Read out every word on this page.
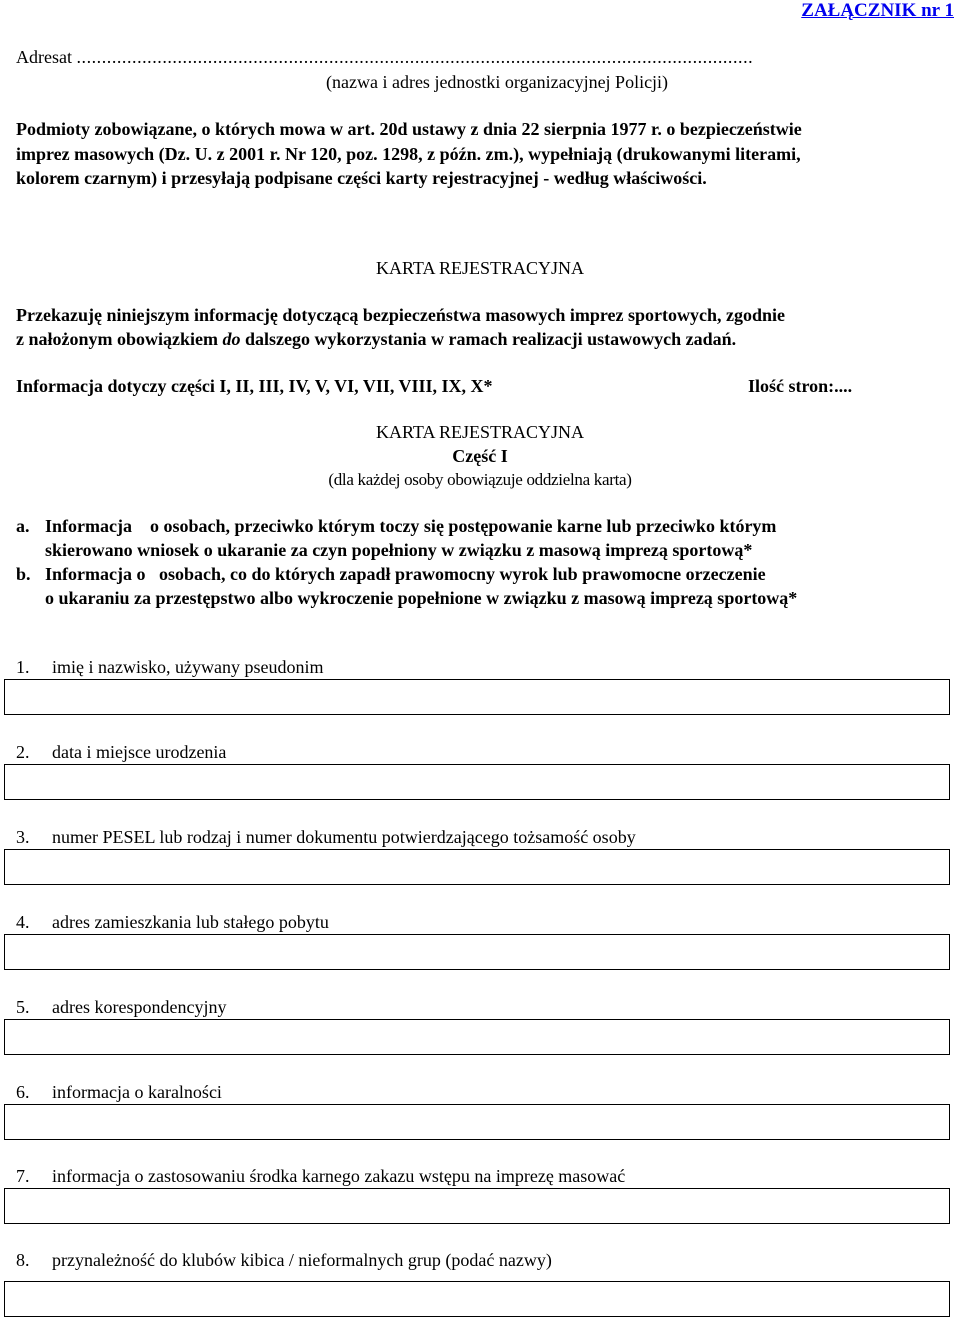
ZAŁĄCZNIK nr 1
Adresat ......................................................................................................................................
(nazwa i adres jednostki organizacyjnej Policji)
Podmioty zobowiązane, o których mowa w art. 20d ustawy z dnia 22 sierpnia 1977 r. o bezpieczeństwie
imprez masowych (Dz. U. z 2001 r. Nr 120, poz. 1298, z późn. zm.), wypełniają (drukowanymi literami,
kolorem czarnym) i przesyłają podpisane części karty rejestracyjnej - według właściwości.
KARTA REJESTRACYJNA
Przekazuję niniejszym informację dotyczącą bezpieczeństwa masowych imprez sportowych, zgodnie
z nałożonym obowiązkiem do dalszego wykorzystania w ramach realizacji ustawowych zadań.
Informacja dotyczy części I, II, III, IV, V, VI, VII, VIII, IX, X*	Ilość stron:....
KARTA REJESTRACYJNA
Część I
(dla każdej osoby obowiązuje oddzielna karta)
a. Informacja    o osobach, przeciwko którym toczy się postępowanie karne lub przeciwko którym
skierowano wniosek o ukaranie za czyn popełniony w związku z masową imprezą sportową*
b. Informacja o   osobach, co do których zapadł prawomocny wyrok lub prawomocne orzeczenie
o ukaraniu za przestępstwo albo wykroczenie popełnione w związku z masową imprezą sportową*
1. imię i nazwisko, używany pseudonim
2. data i miejsce urodzenia
3. numer PESEL lub rodzaj i numer dokumentu potwierdzającego tożsamość osoby
4. adres zamieszkania lub stałego pobytu
5. adres korespondencyjny
6. informacja o karalności
7. informacja o zastosowaniu środka karnego zakazu wstępu na imprezę masować
8. przynależność do klubów kibica / nieformalnych grup (podać nazwy)
